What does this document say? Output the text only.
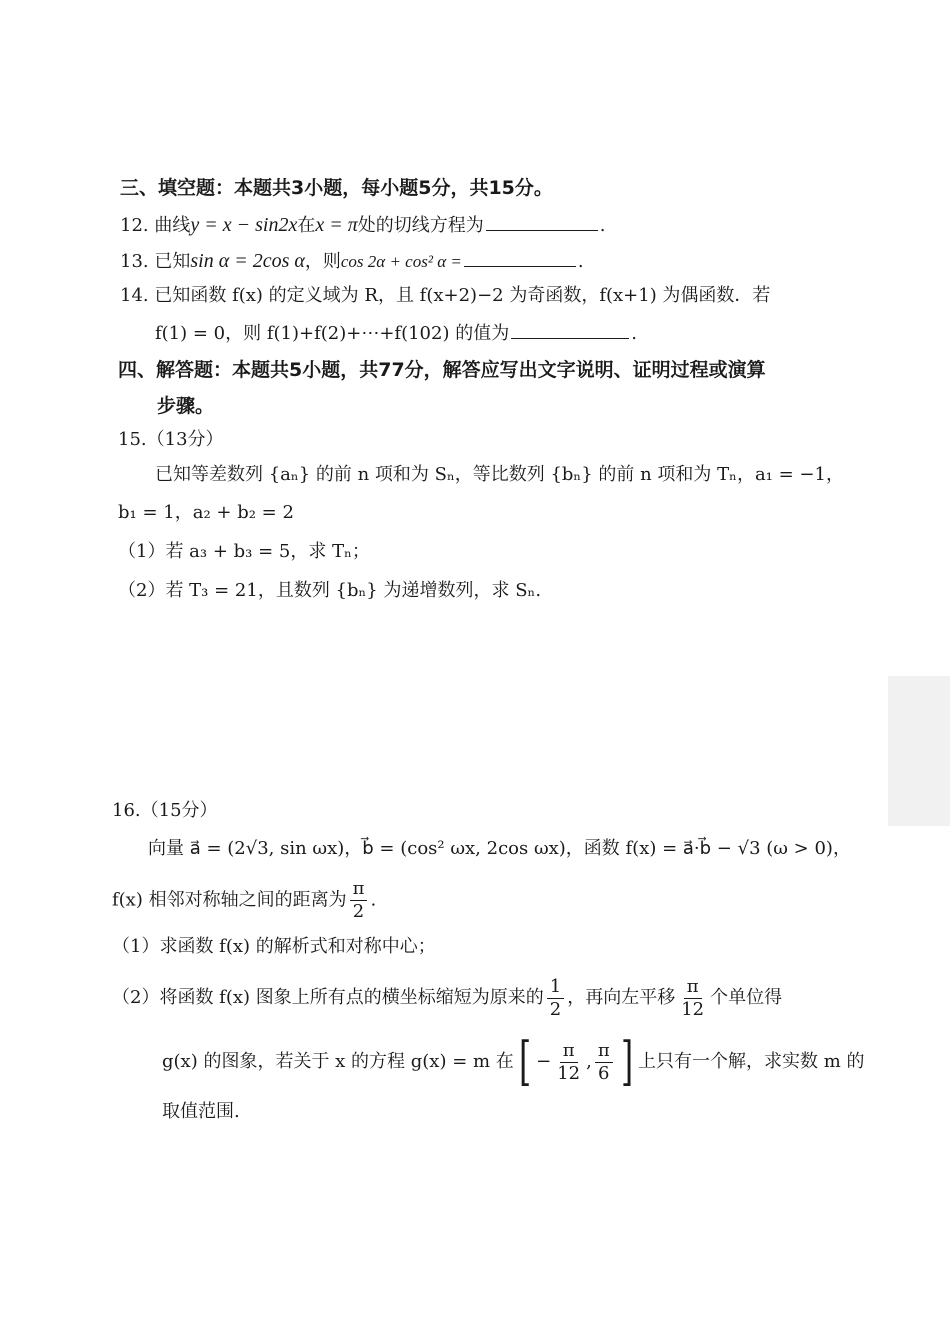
三、填空题：本题共3小题，每小题5分，共15分。
12. 曲线y = x − sin2x在x = π处的切线方程为	.
13. 已知sin α = 2cos α，则cos 2α + cos² α =	.
14. 已知函数 f(x) 的定义域为 R，且 f(x+2)−2 为奇函数，f(x+1) 为偶函数．若
f(1) = 0，则 f(1)+f(2)+⋯+f(102) 的值为	.
四、解答题：本题共5小题，共77分，解答应写出文字说明、证明过程或演算
步骤。
15.（13分）
已知等差数列 {aₙ} 的前 n 项和为 Sₙ，等比数列 {bₙ} 的前 n 项和为 Tₙ，a₁ = −1，
b₁ = 1，a₂ + b₂ = 2
（1）若 a₃ + b₃ = 5，求 Tₙ；
（2）若 T₃ = 21，且数列 {bₙ} 为递增数列，求 Sₙ.
16.（15分）
向量 a⃗ = (2√3, sin ωx)，b⃗ = (cos² ωx, 2cos ωx)，函数 f(x) = a⃗·b⃗ − √3 (ω > 0)，
f(x) 相邻对称轴之间的距离为 $\frac{\pi}{2}$ .
（1）求函数 f(x) 的解析式和对称中心；
（2）将函数 f(x) 图象上所有点的横坐标缩短为原来的 $\frac{1}{2}$ ，再向左平移 $\frac{\pi}{12}$ 个单位得
g(x) 的图象，若关于 x 的方程 g(x) = m 在[ − $\frac{\pi}{12}$ , $\frac{\pi}{6}$ ] 上只有一个解，求实数 m 的
取值范围.
